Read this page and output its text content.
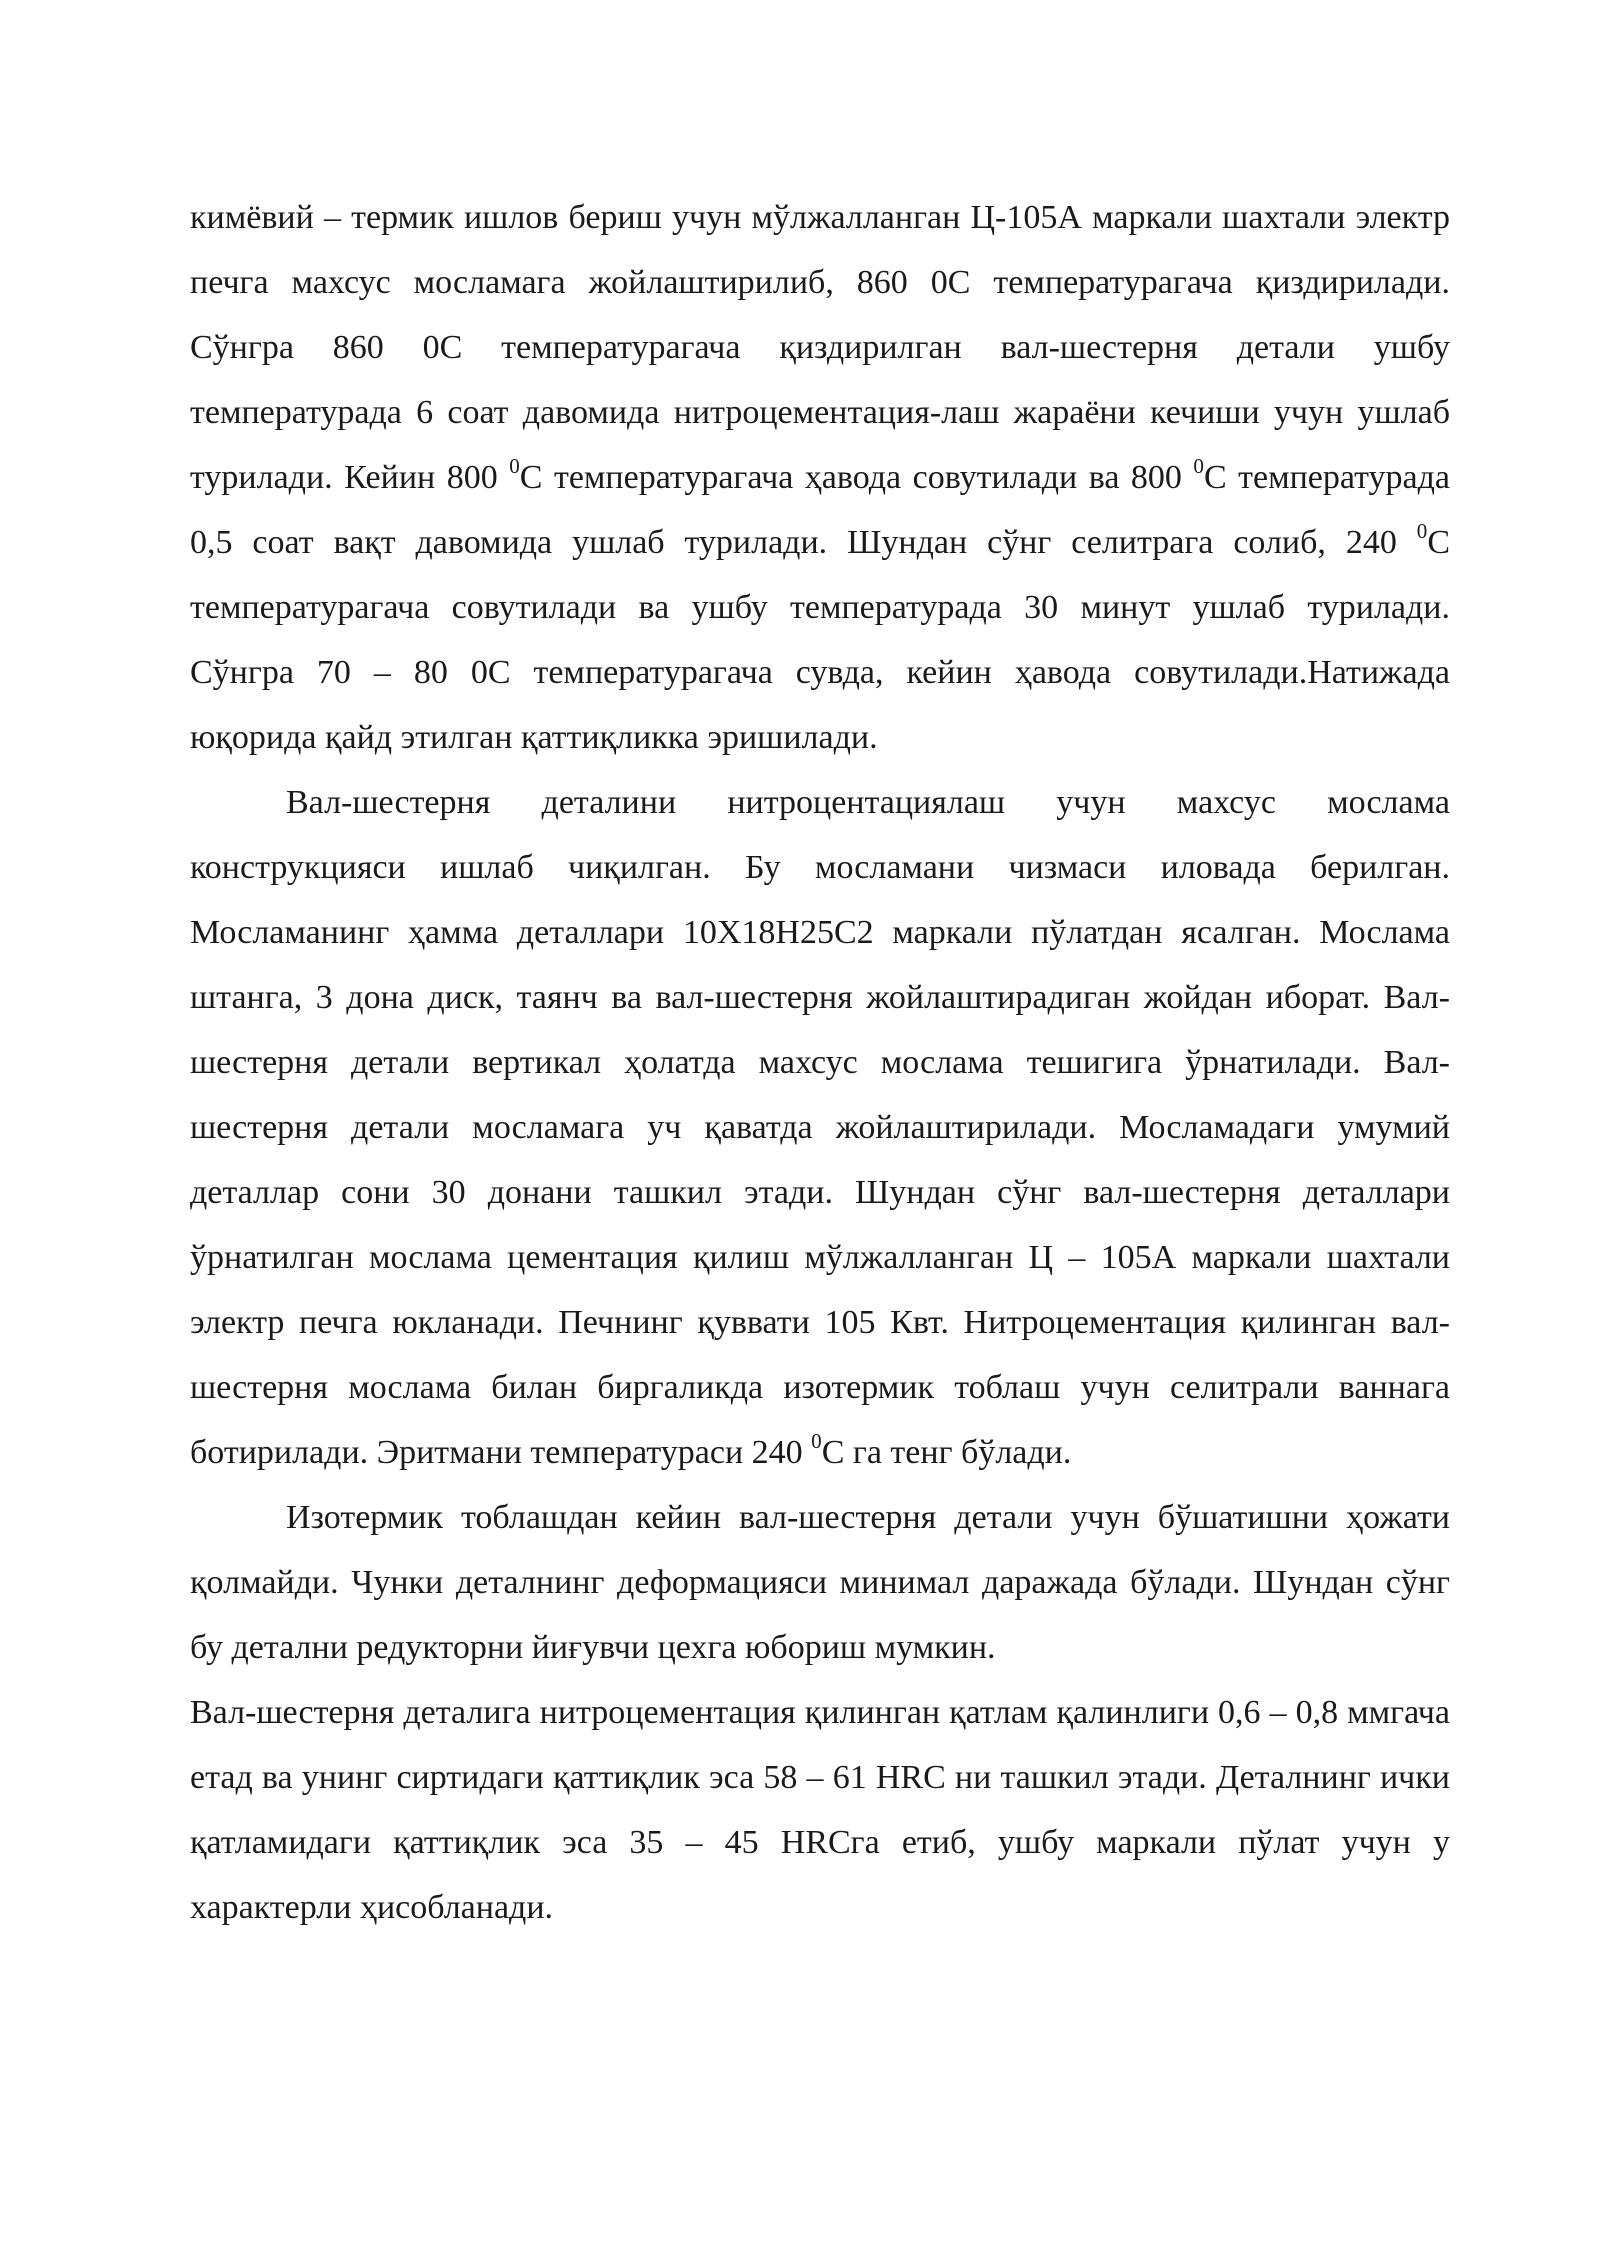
кимёвий – термик ишлов бериш учун мўлжалланган Ц-105А маркали шахтали электр печга махсус мосламага жойлаштирилиб, 860 0С температурагача қиздирилади. Сўнгра 860 0С температурагача қиздирилган вал-шестерня детали ушбу температурада 6 соат давомида нитроцементация-лаш жараёни кечиши учун ушлаб турилади. Кейин 800 $^0$С температурагача ҳавода совутилади ва 800 $^0$С температурада 0,5 соат вақт давомида ушлаб турилади. Шундан сўнг селитрага солиб, 240 $^0$С температурагача совутилади ва ушбу температурада 30 минут ушлаб турилади. Сўнгра 70 – 80 0С температурагача сувда, кейин ҳавода совутилади.Натижада юқорида қайд этилган қаттиқликка эришилади.

Вал-шестерня деталини нитроцентациялаш учун махсус мослама конструкцияси ишлаб чиқилган. Бу мосламани чизмаси иловада берилган. Мосламанинг ҳамма деталлари 10Х18Н25С2 маркали пўлатдан ясалган. Мослама штанга, 3 дона диск, таянч ва вал-шестерня жойлаштирадиган жойдан иборат. Вал- шестерня детали вертикал ҳолатда махсус мослама тешигига ўрнатилади. Вал-шестерня детали мосламага уч қаватда жойлаштирилади. Мосламадаги умумий деталлар сони 30 донани ташкил этади. Шундан сўнг вал-шестерня деталлари ўрнатилган мослама цементация қилиш мўлжалланган Ц – 105А маркали шахтали электр печга юкланади. Печнинг қуввати 105 Квт. Нитроцементация қилинган вал-шестерня мослама билан биргаликда изотермик тоблаш учун селитрали ваннага ботирилади. Эритмани температураси 240 $^0$С га тенг бўлади.

Изотермик тоблашдан кейин вал-шестерня детали учун бўшатишни ҳожати қолмайди. Чунки деталнинг деформацияси минимал даражада бўлади. Шундан сўнг бу детални редукторни йиғувчи цехга юбориш мумкин.

Вал-шестерня деталига нитроцементация қилинган қатлам қалинлиги 0,6 – 0,8 ммгача етад ва унинг сиртидаги қаттиқлик эса 58 – 61 HRC ни ташкил этади. Деталнинг ички қатламидаги қаттиқлик эса 35 – 45 HRCга етиб, ушбу маркали пўлат учун у характерли ҳисобланади.
